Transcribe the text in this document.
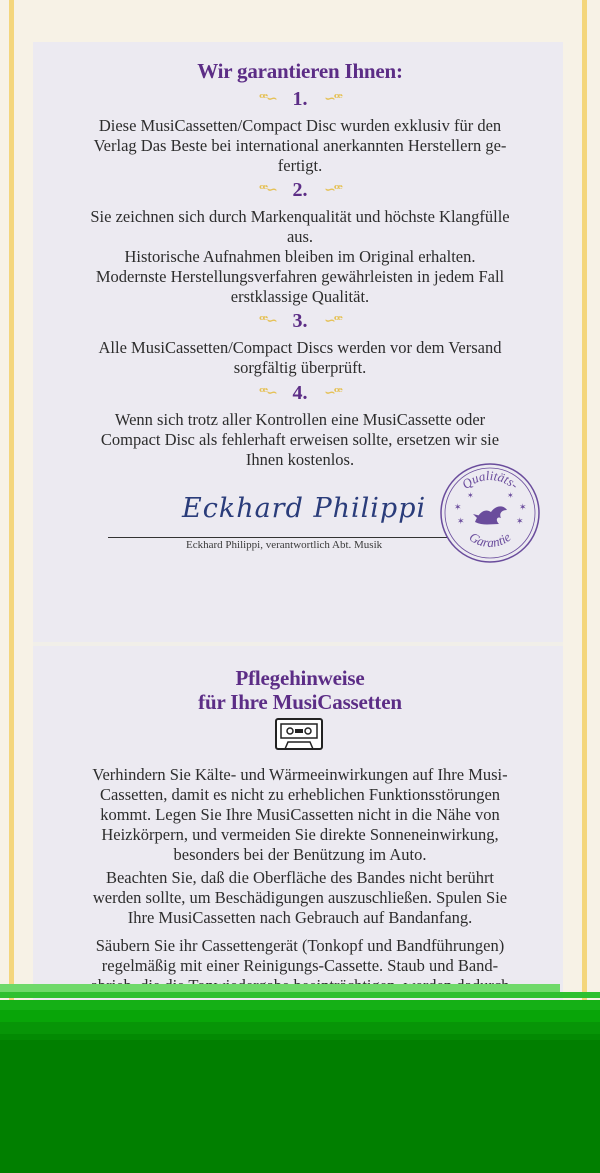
Wir garantieren Ihnen:
ꟹ∽ 1. ∽ꟹ
Diese MusiCassetten/Compact Disc wurden exklusiv für den
Verlag Das Beste bei international anerkannten Herstellern ge-
fertigt.
ꟹ∽ 2. ∽ꟹ
Sie zeichnen sich durch Markenqualität und höchste Klangfülle
aus.
Historische Aufnahmen bleiben im Original erhalten.
Modernste Herstellungsverfahren gewährleisten in jedem Fall
erstklassige Qualität.
ꟹ∽ 3. ∽ꟹ
Alle MusiCassetten/Compact Discs werden vor dem Versand
sorgfältig überprüft.
ꟹ∽ 4. ∽ꟹ
Wenn sich trotz aller Kontrollen eine MusiCassette oder
Compact Disc als fehlerhaft erweisen sollte, ersetzen wir sie
Ihnen kostenlos.
Eckhard Philippi
Eckhard Philippi, verantwortlich Abt. Musik
Qualitäts-
Garantie
✶
✶
✶
✶
✶	✶
Pflegehinweise
für Ihre MusiCassetten
Verhindern Sie Kälte- und Wärmeeinwirkungen auf Ihre Musi-
Cassetten, damit es nicht zu erheblichen Funktionsstörungen
kommt. Legen Sie Ihre MusiCassetten nicht in die Nähe von
Heizkörpern, und vermeiden Sie direkte Sonneneinwirkung,
besonders bei der Benützung im Auto.
Beachten Sie, daß die Oberfläche des Bandes nicht berührt
werden sollte, um Beschädigungen auszuschließen. Spulen Sie
Ihre MusiCassetten nach Gebrauch auf Bandanfang.
Säubern Sie ihr Cassettengerät (Tonkopf und Bandführungen)
regelmäßig mit einer Reinigungs-Cassette. Staub und Band-
